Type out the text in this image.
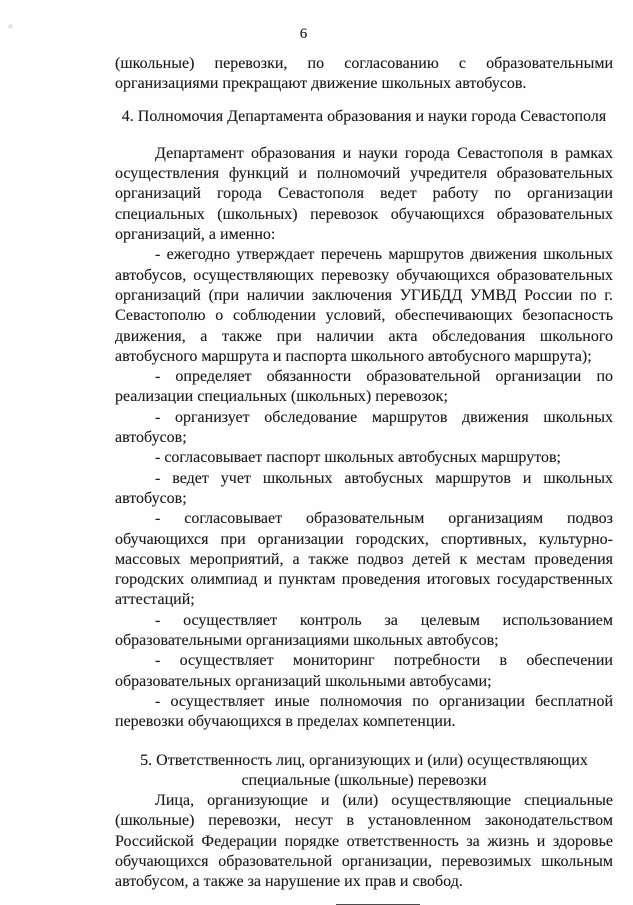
6

(школьные) перевозки, по согласованию с образовательными организациями прекращают движение школьных автобусов.

4. Полномочия Департамента образования и науки города Севастополя

Департамент образования и науки города Севастополя в рамках осуществления функций и полномочий учредителя образовательных организаций города Севастополя ведет работу по организации специальных (школьных) перевозок обучающихся образовательных организаций, а именно:

- ежегодно утверждает перечень маршрутов движения школьных автобусов, осуществляющих перевозку обучающихся образовательных организаций (при наличии заключения УГИБДД УМВД России по г. Севастополю о соблюдении условий, обеспечивающих безопасность движения, а также при наличии акта обследования школьного автобусного маршрута и паспорта школьного автобусного маршрута);

- определяет обязанности образовательной организации по реализации специальных (школьных) перевозок;

- организует обследование маршрутов движения школьных автобусов;

- согласовывает паспорт школьных автобусных маршрутов;

- ведет учет школьных автобусных маршрутов и школьных автобусов;

- согласовывает образовательным организациям подвоз обучающихся при организации городских, спортивных, культурно-массовых мероприятий, а также подвоз детей к местам проведения городских олимпиад и пунктам проведения итоговых государственных аттестаций;

- осуществляет контроль за целевым использованием образовательными организациями школьных автобусов;

- осуществляет мониторинг потребности в обеспечении образовательных организаций школьными автобусами;

- осуществляет иные полномочия по организации бесплатной перевозки обучающихся в пределах компетенции.

5. Ответственность лиц, организующих и (или) осуществляющих

специальные (школьные) перевозки

Лица, организующие и (или) осуществляющие специальные (школьные) перевозки, несут в установленном законодательством Российской Федерации порядке ответственность за жизнь и здоровье обучающихся образовательной организации, перевозимых школьным автобусом, а также за нарушение их прав и свобод.
